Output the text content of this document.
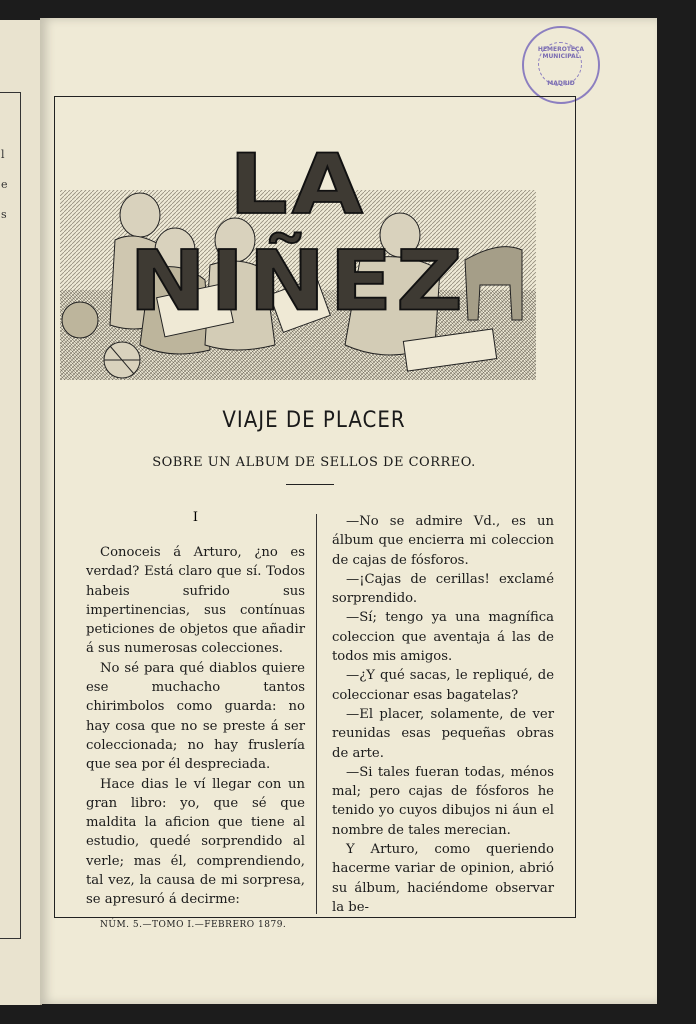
l
e
s
HEMEROTECA MUNICIPAL
MADRID
LA NIÑEZ
VIAJE DE PLACER
SOBRE UN ALBUM DE SELLOS DE CORREO.
I

Conoceis á Arturo, ¿no es verdad? Está claro que sí. Todos habeis sufrido sus impertinencias, sus contínuas peticiones de objetos que añadir á sus numerosas colecciones.

No sé para qué diablos quiere ese muchacho tantos chirimbolos como guarda: no hay cosa que no se preste á ser coleccionada; no hay fruslería que sea por él despreciada.

Hace dias le ví llegar con un gran libro: yo, que sé que maldita la aficion que tiene al estudio, quedé sorprendido al verle; mas él, comprendiendo, tal vez, la causa de mi sorpresa, se apresuró á decirme:

—No se admire Vd., es un álbum que encierra mi coleccion de cajas de fósforos.

—¡Cajas de cerillas! exclamé sorprendido.

—Sí; tengo ya una magnífica coleccion que aventaja á las de todos mis amigos.

—¿Y qué sacas, le repliqué, de coleccionar esas bagatelas?

—El placer, solamente, de ver reunidas esas pequeñas obras de arte.

—Si tales fueran todas, ménos mal; pero cajas de fósforos he tenido yo cuyos dibujos ni áun el nombre de tales merecian.

Y Arturo, como queriendo hacerme variar de opinion, abrió su álbum, haciéndome observar la be-

NÚM. 5.—TOMO I.—FEBRERO 1879.
